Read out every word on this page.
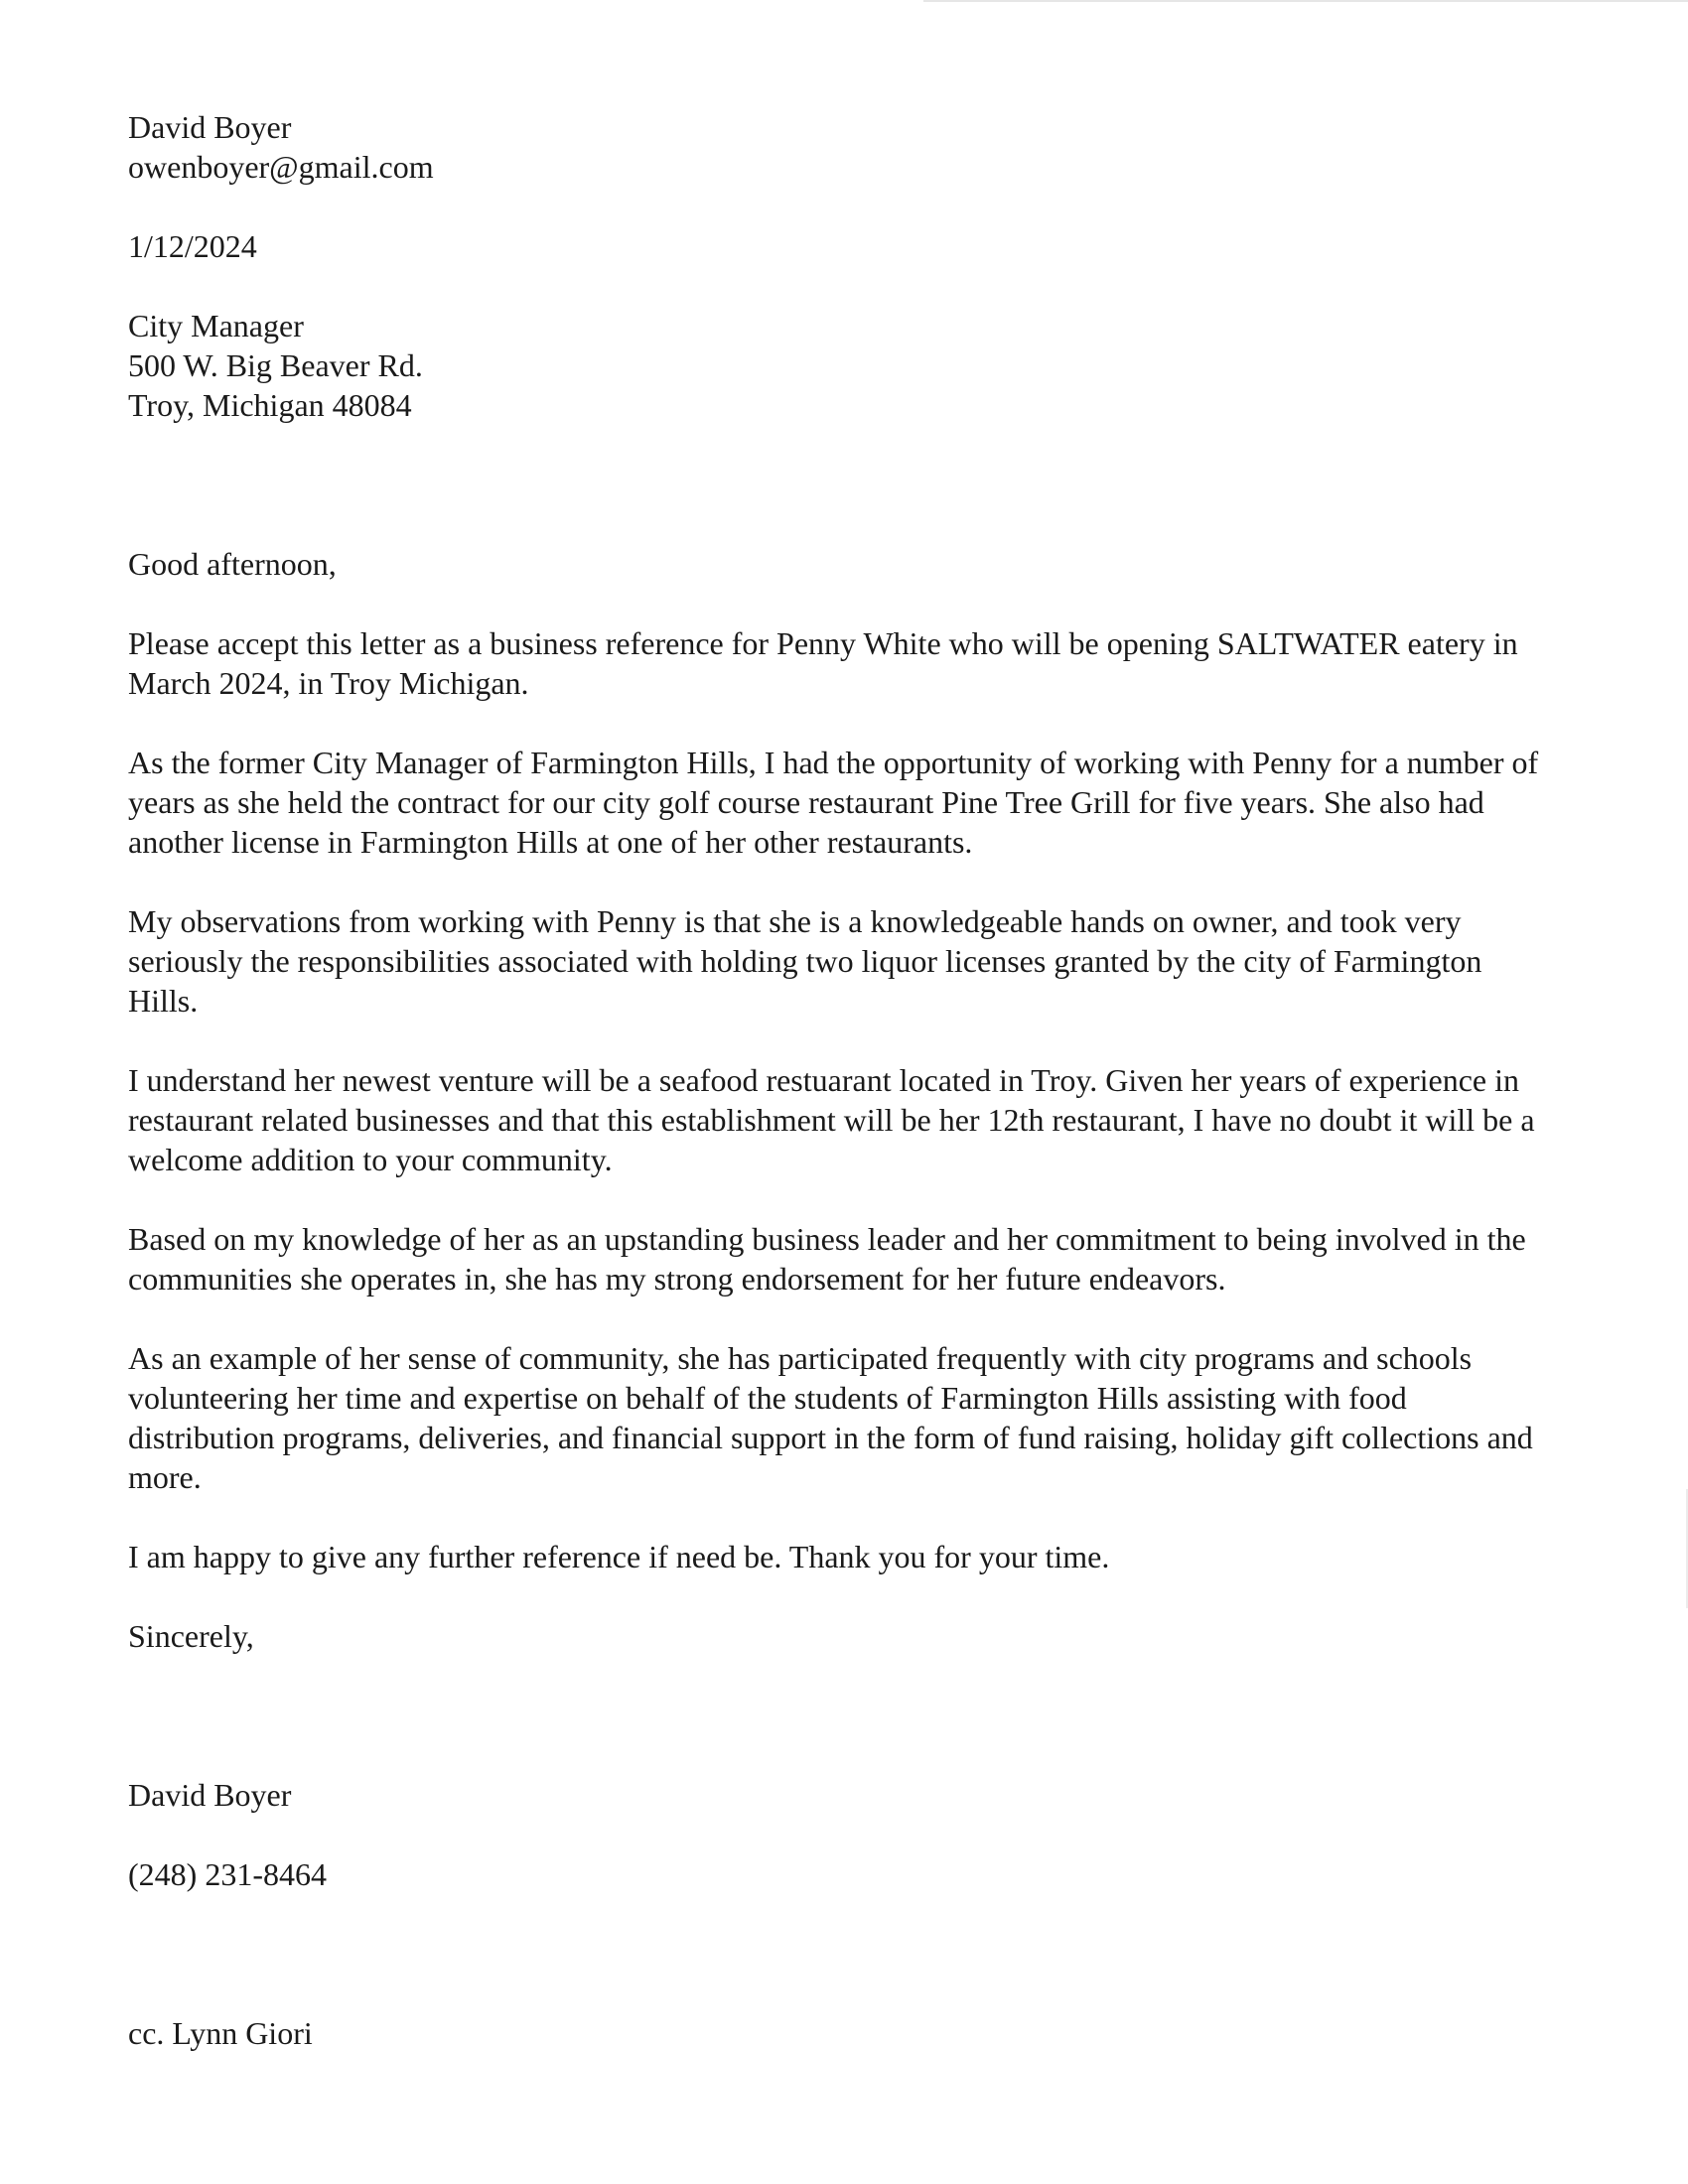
David Boyer
owenboyer@gmail.com
1/12/2024
City Manager
500 W. Big Beaver Rd.
Troy, Michigan 48084

Good afternoon,

Please accept this letter as a business reference for Penny White who will be opening SALTWATER eatery in March 2024, in Troy Michigan.

As the former City Manager of Farmington Hills, I had the opportunity of working with Penny for a number of years as she held the contract for our city golf course restaurant Pine Tree Grill for five years. She also had another license in Farmington Hills at one of her other restaurants.

My observations from working with Penny is that she is a knowledgeable hands on owner, and took very seriously the responsibilities associated with holding two liquor licenses granted by the city of Farmington Hills.

I understand her newest venture will be a seafood restuarant located in Troy. Given her years of experience in restaurant related businesses and that this establishment will be her 12th restaurant, I have no doubt it will be a welcome addition to your community.

Based on my knowledge of her as an upstanding business leader and her commitment to being involved in the communities she operates in, she has my strong endorsement for her future endeavors.

As an example of her sense of community, she has participated frequently with city programs and schools volunteering her time and expertise on behalf of the students of Farmington Hills assisting with food distribution programs, deliveries, and financial support in the form of fund raising, holiday gift collections and more.

I am happy to give any further reference if need be. Thank you for your time.

Sincerely,

David Boyer

(248) 231-8464

cc. Lynn Giori
